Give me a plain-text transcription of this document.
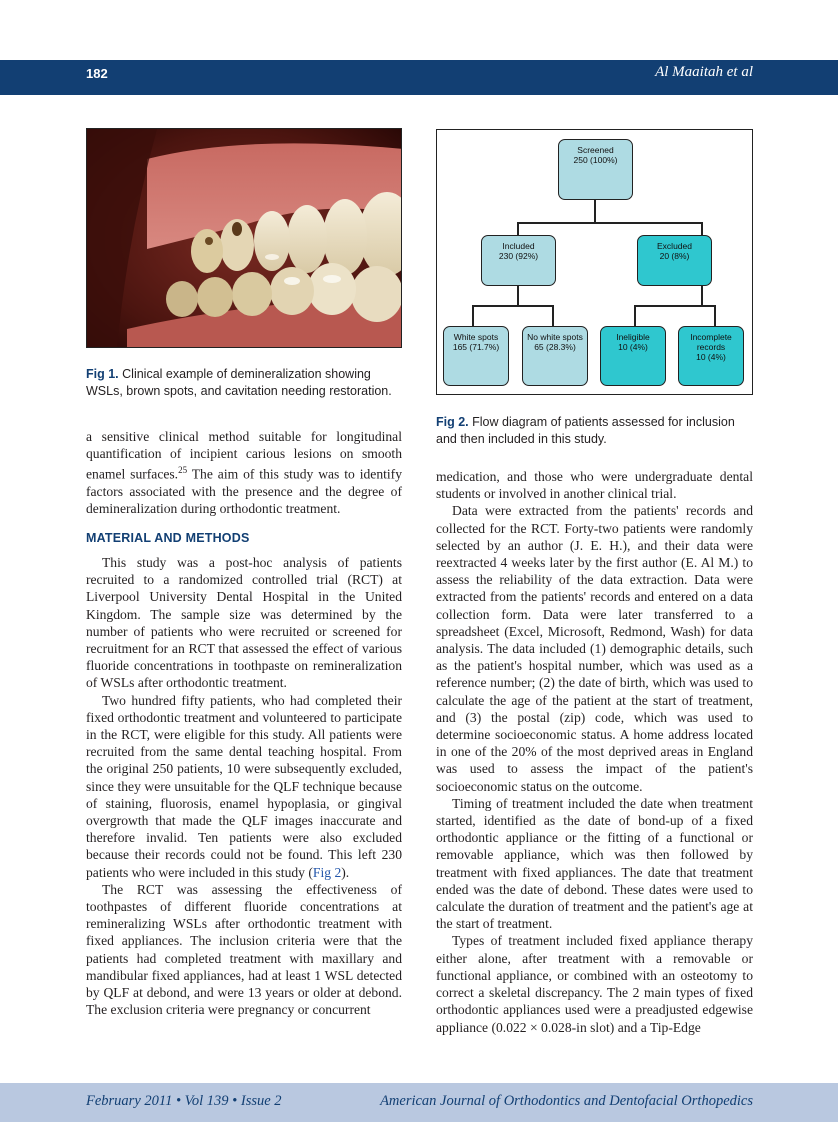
182	Al Maaitah et al
Fig 1. Clinical example of demineralization showing WSLs, brown spots, and cavitation needing restoration.
Screened
250 (100%)
Included
230 (92%)
Excluded
20 (8%)
White spots
165 (71.7%)
No white spots
65 (28.3%)
Ineligible
10 (4%)
Incomplete
records
10 (4%)
Fig 2. Flow diagram of patients assessed for inclusion and then included in this study.

a sensitive clinical method suitable for longitudinal quantification of incipient carious lesions on smooth enamel surfaces.$^{25}$ The aim of this study was to identify factors associated with the presence and the degree of demineralization during orthodontic treatment.

MATERIAL AND METHODS

This study was a post-hoc analysis of patients recruited to a randomized controlled trial (RCT) at Liverpool University Dental Hospital in the United Kingdom. The sample size was determined by the number of patients who were recruited or screened for recruitment for an RCT that assessed the effect of various fluoride concentrations in toothpaste on remineralization of WSLs after orthodontic treatment.

Two hundred fifty patients, who had completed their fixed orthodontic treatment and volunteered to participate in the RCT, were eligible for this study. All patients were recruited from the same dental teaching hospital. From the original 250 patients, 10 were subsequently excluded, since they were unsuitable for the QLF technique because of staining, fluorosis, enamel hypoplasia, or gingival overgrowth that made the QLF images inaccurate and therefore invalid. Ten patients were also excluded because their records could not be found. This left 230 patients who were included in this study (Fig 2).

The RCT was assessing the effectiveness of toothpastes of different fluoride concentrations at remineralizing WSLs after orthodontic treatment with fixed appliances. The inclusion criteria were that the patients had completed treatment with maxillary and mandibular fixed appliances, had at least 1 WSL detected by QLF at debond, and were 13 years or older at debond. The exclusion criteria were pregnancy or concurrent

medication, and those who were undergraduate dental students or involved in another clinical trial.

Data were extracted from the patients' records and collected for the RCT. Forty-two patients were randomly selected by an author (J. E. H.), and their data were reextracted 4 weeks later by the first author (E. Al M.) to assess the reliability of the data extraction. Data were extracted from the patients' records and entered on a data collection form. Data were later transferred to a spreadsheet (Excel, Microsoft, Redmond, Wash) for data analysis. The data included (1) demographic details, such as the patient's hospital number, which was used as a reference number; (2) the date of birth, which was used to calculate the age of the patient at the start of treatment, and (3) the postal (zip) code, which was used to determine socioeconomic status. A home address located in one of the 20% of the most deprived areas in England was used to assess the impact of the patient's socioeconomic status on the outcome.

Timing of treatment included the date when treatment started, identified as the date of bond-up of a fixed orthodontic appliance or the fitting of a functional or removable appliance, which was then followed by treatment with fixed appliances. The date that treatment ended was the date of debond. These dates were used to calculate the duration of treatment and the patient's age at the start of treatment.

Types of treatment included fixed appliance therapy either alone, after treatment with a removable or functional appliance, or combined with an osteotomy to correct a skeletal discrepancy. The 2 main types of fixed orthodontic appliances used were a preadjusted edgewise appliance (0.022 × 0.028-in slot) and a Tip-Edge

February 2011 • Vol 139 • Issue 2	American Journal of Orthodontics and Dentofacial Orthopedics
